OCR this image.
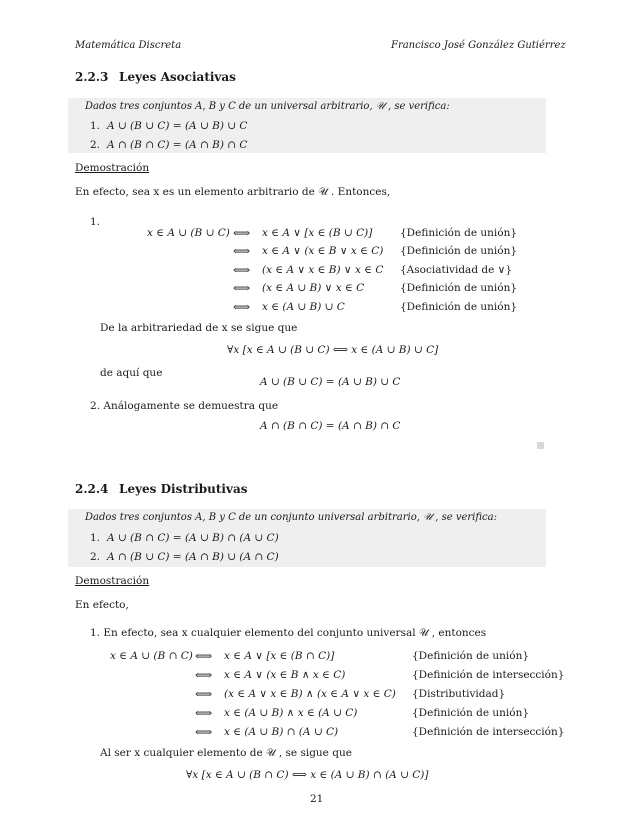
Matemática Discreta	Francisco José González Gutiérrez
2.2.3 Leyes Asociativas
Dados tres conjuntos A, B y C de un universal arbitrario, 𝒰 , se verifica:
1. A ∪ (B ∪ C) = (A ∪ B) ∪ C
2. A ∩ (B ∩ C) = (A ∩ B) ∩ C
Demostración
En efecto, sea x es un elemento arbitrario de 𝒰 . Entonces,
1.
x ∈ A ∪ (B ∪ C) ⟺ x ∈ A ∨ [x ∈ (B ∪ C)]	{Definición de unión}
⟺ x ∈ A ∨ (x ∈ B ∨ x ∈ C) {Definición de unión}
⟺ (x ∈ A ∨ x ∈ B) ∨ x ∈ C {Asociatividad de ∨}
⟺ (x ∈ A ∪ B) ∨ x ∈ C	{Definición de unión}
⟺ x ∈ (A ∪ B) ∪ C	{Definición de unión}
De la arbitrariedad de x se sigue que
∀x [x ∈ A ∪ (B ∪ C) ⟺ x ∈ (A ∪ B) ∪ C]
de aquí que
A ∪ (B ∪ C) = (A ∪ B) ∪ C
2. Análogamente se demuestra que
A ∩ (B ∩ C) = (A ∩ B) ∩ C
2.2.4 Leyes Distributivas
Dados tres conjuntos A, B y C de un conjunto universal arbitrario, 𝒰 , se verifica:
1. A ∪ (B ∩ C) = (A ∪ B) ∩ (A ∪ C)
2. A ∩ (B ∪ C) = (A ∩ B) ∪ (A ∩ C)
Demostración
En efecto,
1. En efecto, sea x cualquier elemento del conjunto universal 𝒰 , entonces
x ∈ A ∪ (B ∩ C) ⟺ x ∈ A ∨ [x ∈ (B ∩ C)]	{Definición de unión}
⟺ x ∈ A ∨ (x ∈ B ∧ x ∈ C)	{Definición de intersección}
⟺ (x ∈ A ∨ x ∈ B) ∧ (x ∈ A ∨ x ∈ C) {Distributividad}
⟺ x ∈ (A ∪ B) ∧ x ∈ (A ∪ C)	{Definición de unión}
⟺ x ∈ (A ∪ B) ∩ (A ∪ C)	{Definición de intersección}
Al ser x cualquier elemento de 𝒰 , se sigue que
∀x [x ∈ A ∪ (B ∩ C) ⟺ x ∈ (A ∪ B) ∩ (A ∪ C)]
21
